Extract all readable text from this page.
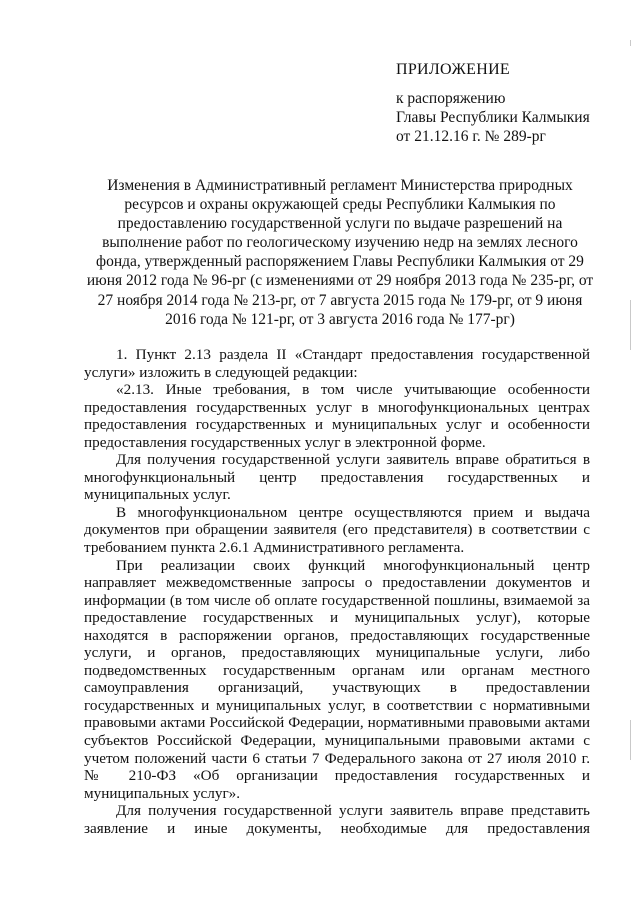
ПРИЛОЖЕНИЕ
к распоряжению
Главы Республики Калмыкия
от 21.12.16 г. № 289-рг
Изменения в Административный регламент Министерства природных
ресурсов и охраны окружающей среды Республики Калмыкия по
предоставлению государственной услуги по выдаче разрешений на
выполнение работ по геологическому изучению недр на землях лесного
фонда, утвержденный распоряжением Главы Республики Калмыкия от 29
июня 2012 года № 96-рг (с изменениями от 29 ноября 2013 года № 235-рг, от
27 ноября 2014 года № 213-рг, от 7 августа 2015 года № 179-рг, от 9 июня
2016 года № 121-рг, от 3 августа 2016 года № 177-рг)
1. Пункт 2.13 раздела II «Стандарт предоставления государственной
услуги» изложить в следующей редакции:
«2.13. Иные требования, в том числе учитывающие особенности
предоставления государственных услуг в многофункциональных центрах
предоставления государственных и муниципальных услуг и особенности
предоставления государственных услуг в электронной форме.
Для получения государственной услуги заявитель вправе обратиться в
многофункциональный центр предоставления государственных и
муниципальных услуг.
В многофункциональном центре осуществляются прием и выдача
документов при обращении заявителя (его представителя) в соответствии с
требованием пункта 2.6.1 Административного регламента.
При реализации своих функций многофункциональный центр
направляет межведомственные запросы о предоставлении документов и
информации (в том числе об оплате государственной пошлины, взимаемой за
предоставление государственных и муниципальных услуг), которые
находятся в распоряжении органов, предоставляющих государственные
услуги, и органов, предоставляющих муниципальные услуги, либо
подведомственных государственным органам или органам местного
самоуправления организаций, участвующих в предоставлении
государственных и муниципальных услуг, в соответствии с нормативными
правовыми актами Российской Федерации, нормативными правовыми актами
субъектов Российской Федерации, муниципальными правовыми актами с
учетом положений части 6 статьи 7 Федерального закона от 27 июля 2010 г.
№ 210-ФЗ «Об организации предоставления государственных и
муниципальных услуг».
Для получения государственной услуги заявитель вправе представить
заявление и иные документы, необходимые для предоставления
